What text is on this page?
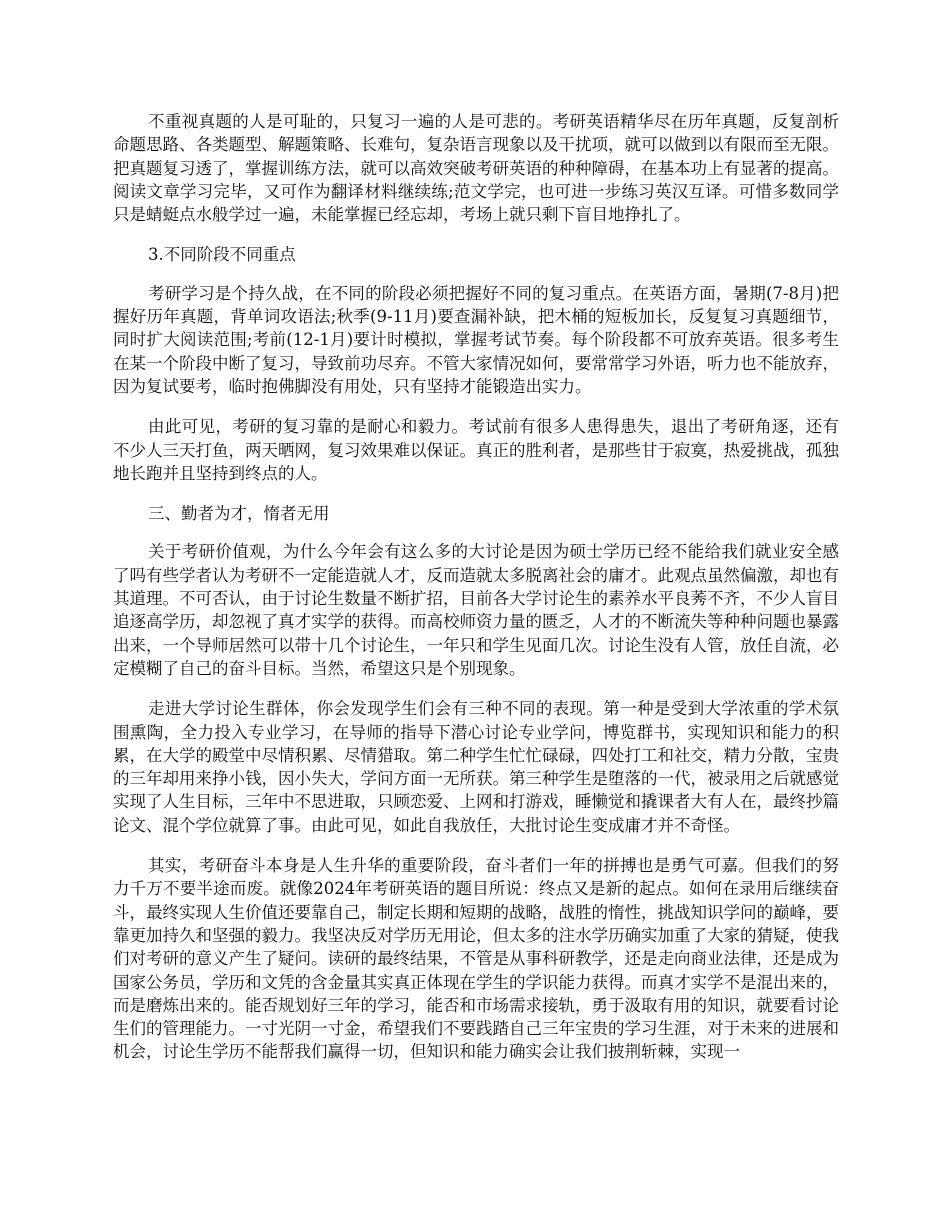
不重视真题的人是可耻的，只复习一遍的人是可悲的。考研英语精华尽在历年真题，反复剖析命题思路、各类题型、解题策略、长难句，复杂语言现象以及干扰项，就可以做到以有限而至无限。把真题复习透了，掌握训练方法，就可以高效突破考研英语的种种障碍，在基本功上有显著的提高。阅读文章学习完毕，又可作为翻译材料继续练;范文学完，也可进一步练习英汉互译。可惜多数同学只是蜻蜓点水般学过一遍，未能掌握已经忘却，考场上就只剩下盲目地挣扎了。

3.不同阶段不同重点

考研学习是个持久战，在不同的阶段必须把握好不同的复习重点。在英语方面，暑期(7-8月)把握好历年真题，背单词攻语法;秋季(9-11月)要查漏补缺，把木桶的短板加长，反复复习真题细节，同时扩大阅读范围;考前(12-1月)要计时模拟，掌握考试节奏。每个阶段都不可放弃英语。很多考生在某一个阶段中断了复习，导致前功尽弃。不管大家情况如何，要常常学习外语，听力也不能放弃，因为复试要考，临时抱佛脚没有用处，只有坚持才能锻造出实力。

由此可见，考研的复习靠的是耐心和毅力。考试前有很多人患得患失，退出了考研角逐，还有不少人三天打鱼，两天晒网，复习效果难以保证。真正的胜利者，是那些甘于寂寞，热爱挑战，孤独地长跑并且坚持到终点的人。

三、勤者为才，惰者无用

关于考研价值观，为什么今年会有这么多的大讨论是因为硕士学历已经不能给我们就业安全感了吗有些学者认为考研不一定能造就人才，反而造就太多脱离社会的庸才。此观点虽然偏激，却也有其道理。不可否认，由于讨论生数量不断扩招，目前各大学讨论生的素养水平良莠不齐，不少人盲目追逐高学历，却忽视了真才实学的获得。而高校师资力量的匮乏，人才的不断流失等种种问题也暴露出来，一个导师居然可以带十几个讨论生，一年只和学生见面几次。讨论生没有人管，放任自流，必定模糊了自己的奋斗目标。当然，希望这只是个别现象。

走进大学讨论生群体，你会发现学生们会有三种不同的表现。第一种是受到大学浓重的学术氛围熏陶，全力投入专业学习，在导师的指导下潜心讨论专业学问，博览群书，实现知识和能力的积累，在大学的殿堂中尽情积累、尽情猎取。第二种学生忙忙碌碌，四处打工和社交，精力分散，宝贵的三年却用来挣小钱，因小失大，学问方面一无所获。第三种学生是堕落的一代，被录用之后就感觉实现了人生目标，三年中不思进取，只顾恋爱、上网和打游戏，睡懒觉和撬课者大有人在，最终抄篇论文、混个学位就算了事。由此可见，如此自我放任，大批讨论生变成庸才并不奇怪。

其实，考研奋斗本身是人生升华的重要阶段，奋斗者们一年的拼搏也是勇气可嘉。但我们的努力千万不要半途而废。就像2024年考研英语的题目所说：终点又是新的起点。如何在录用后继续奋斗，最终实现人生价值还要靠自己，制定长期和短期的战略，战胜的惰性，挑战知识学问的巅峰，要靠更加持久和坚强的毅力。我坚决反对学历无用论，但太多的注水学历确实加重了大家的猜疑，使我们对考研的意义产生了疑问。读研的最终结果，不管是从事科研教学，还是走向商业法律，还是成为国家公务员，学历和文凭的含金量其实真正体现在学生的学识能力获得。而真才实学不是混出来的，而是磨炼出来的。能否规划好三年的学习，能否和市场需求接轨，勇于汲取有用的知识，就要看讨论生们的管理能力。一寸光阴一寸金，希望我们不要践踏自己三年宝贵的学习生涯，对于未来的进展和机会，讨论生学历不能帮我们赢得一切，但知识和能力确实会让我们披荆斩棘，实现一
